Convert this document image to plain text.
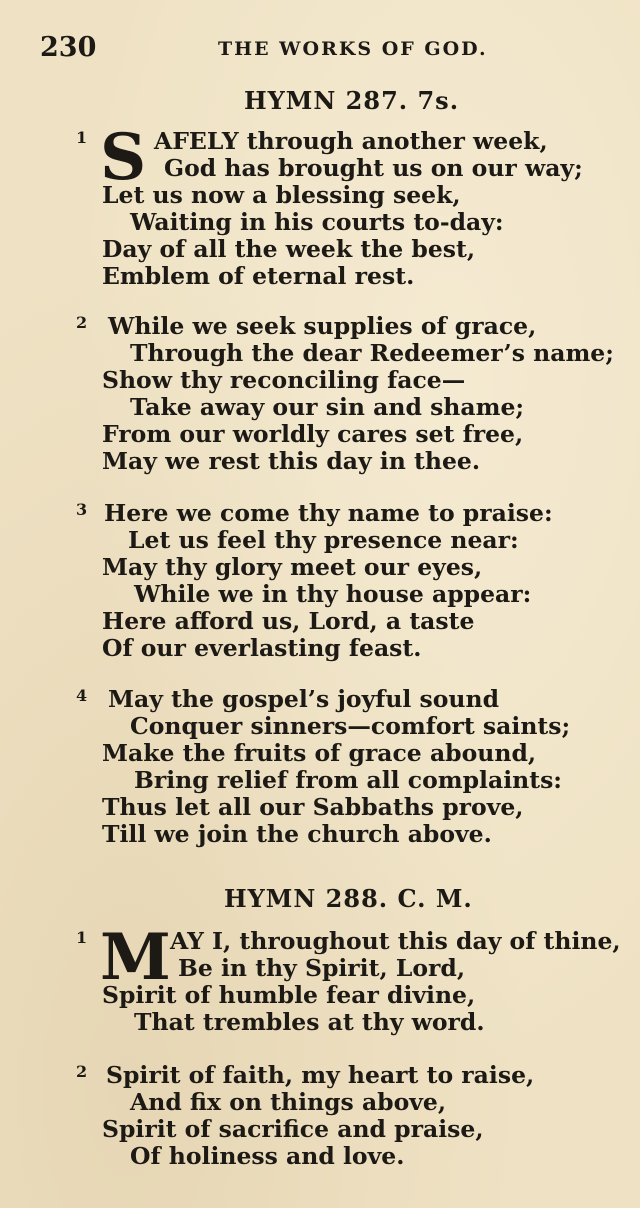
230	THE WORKS OF GOD.
HYMN 287. 7s.
1 S AFELY through another week,
God has brought us on our way;
Let us now a blessing seek,
Waiting in his courts to-day:
Day of all the week the best,
Emblem of eternal rest.
2 While we seek supplies of grace,
Through the dear Redeemer’s name;
Show thy reconciling face—
Take away our sin and shame;
From our worldly cares set free,
May we rest this day in thee.
3 Here we come thy name to praise:
Let us feel thy presence near:
May thy glory meet our eyes,
While we in thy house appear:
Here afford us, Lord, a taste
Of our everlasting feast.
4 May the gospel’s joyful sound
Conquer sinners—comfort saints;
Make the fruits of grace abound,
Bring relief from all complaints:
Thus let all our Sabbaths prove,
Till we join the church above.
HYMN 288. C. M.
1 M AY I, throughout this day of thine,
Be in thy Spirit, Lord,
Spirit of humble fear divine,
That trembles at thy word.
2 Spirit of faith, my heart to raise,
And fix on things above,
Spirit of sacrifice and praise,
Of holiness and love.
